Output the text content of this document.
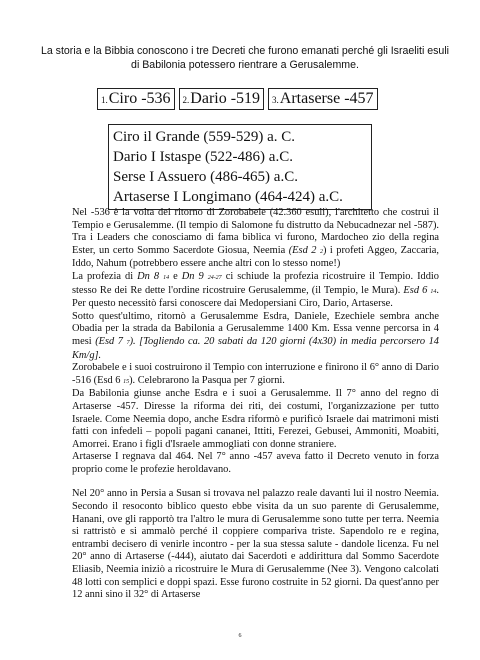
La storia e la Bibbia conoscono i tre Decreti che furono emanati perché gli Israeliti esuli di Babilonia potessero rientrare a Gerusalemme.
1.Ciro -536	2.Dario -519	3.Artaserse -457
Ciro il Grande (559-529) a. C.
Dario I Istaspe (522-486) a.C.
Serse I Assuero (486-465) a.C.
Artaserse I Longimano (464-424) a.C.

Nel -536 è la volta del ritorno di Zorobabele (42.360 esuli), l'architetto che costruì il Tempio e Gerusalemme. (Il tempio di Salomone fu distrutto da Nebucadnezar nel -587). Tra i Leaders che conosciamo di fama biblica vi furono, Mardocheo zio della regina Ester, un certo Sommo Sacerdote Giosua, Neemia (Esd 2 2) i profeti Aggeo, Zaccaria, Iddo, Nahum (potrebbero essere anche altri con lo stesso nome!)

La profezia di Dn 8 14 e Dn 9 24-27 ci schiude la profezia ricostruire il Tempio. Iddio stesso Re dei Re dette l'ordine ricostruire Gerusalemme, (il Tempio, le Mura). Esd 6 14. Per questo necessitò farsi conoscere dai Medopersiani Ciro, Dario, Artaserse.

Sotto quest'ultimo, ritornò a Gerusalemme Esdra, Daniele, Ezechiele sembra anche Obadia per la strada da Babilonia a Gerusalemme 1400 Km. Essa venne percorsa in 4 mesi (Esd 7 7). [Togliendo ca. 20 sabati da 120 giorni (4x30) in media percorsero 14 Km/g].

Zorobabele e i suoi costruirono il Tempio con interruzione e finirono il 6° anno di Dario -516 (Esd 6 15). Celebrarono la Pasqua per 7 giorni.

Da Babilonia giunse anche Esdra e i suoi a Gerusalemme. Il 7° anno del regno di Artaserse -457. Diresse la riforma dei riti, dei costumi, l'organizzazione per tutto Israele. Come Neemia dopo, anche Esdra riformò e purificò Israele dai matrimoni misti fatti con infedeli – popoli pagani cananei, Ittiti, Ferezei, Gebusei, Ammoniti, Moabiti, Amorrei. Erano i figli d'Israele ammogliati con donne straniere.

Artaserse I regnava dal 464. Nel 7° anno -457 aveva fatto il Decreto venuto in forza proprio come le profezie heroldavano.

Nel 20° anno in Persia a Susan si trovava nel palazzo reale davanti lui il nostro Neemia. Secondo il resoconto biblico questo ebbe visita da un suo parente di Gerusalemme, Hanani, ove gli rapportò tra l'altro le mura di Gerusalemme sono tutte per terra. Neemia si rattristò e si ammalò perché il coppiere compariva triste. Sapendolo re e regina, entrambi decisero di venirle incontro - per la sua stessa salute - dandole licenza. Fu nel 20° anno di Artaserse (-444), aiutato dai Sacerdoti e addirittura dal Sommo Sacerdote Eliasib, Neemia iniziò a ricostruire le Mura di Gerusalemme (Nee 3). Vengono calcolati 48 lotti con semplici e doppi spazi. Esse furono costruite in 52 giorni. Da quest'anno per 12 anni sino il 32° di Artaserse

6
